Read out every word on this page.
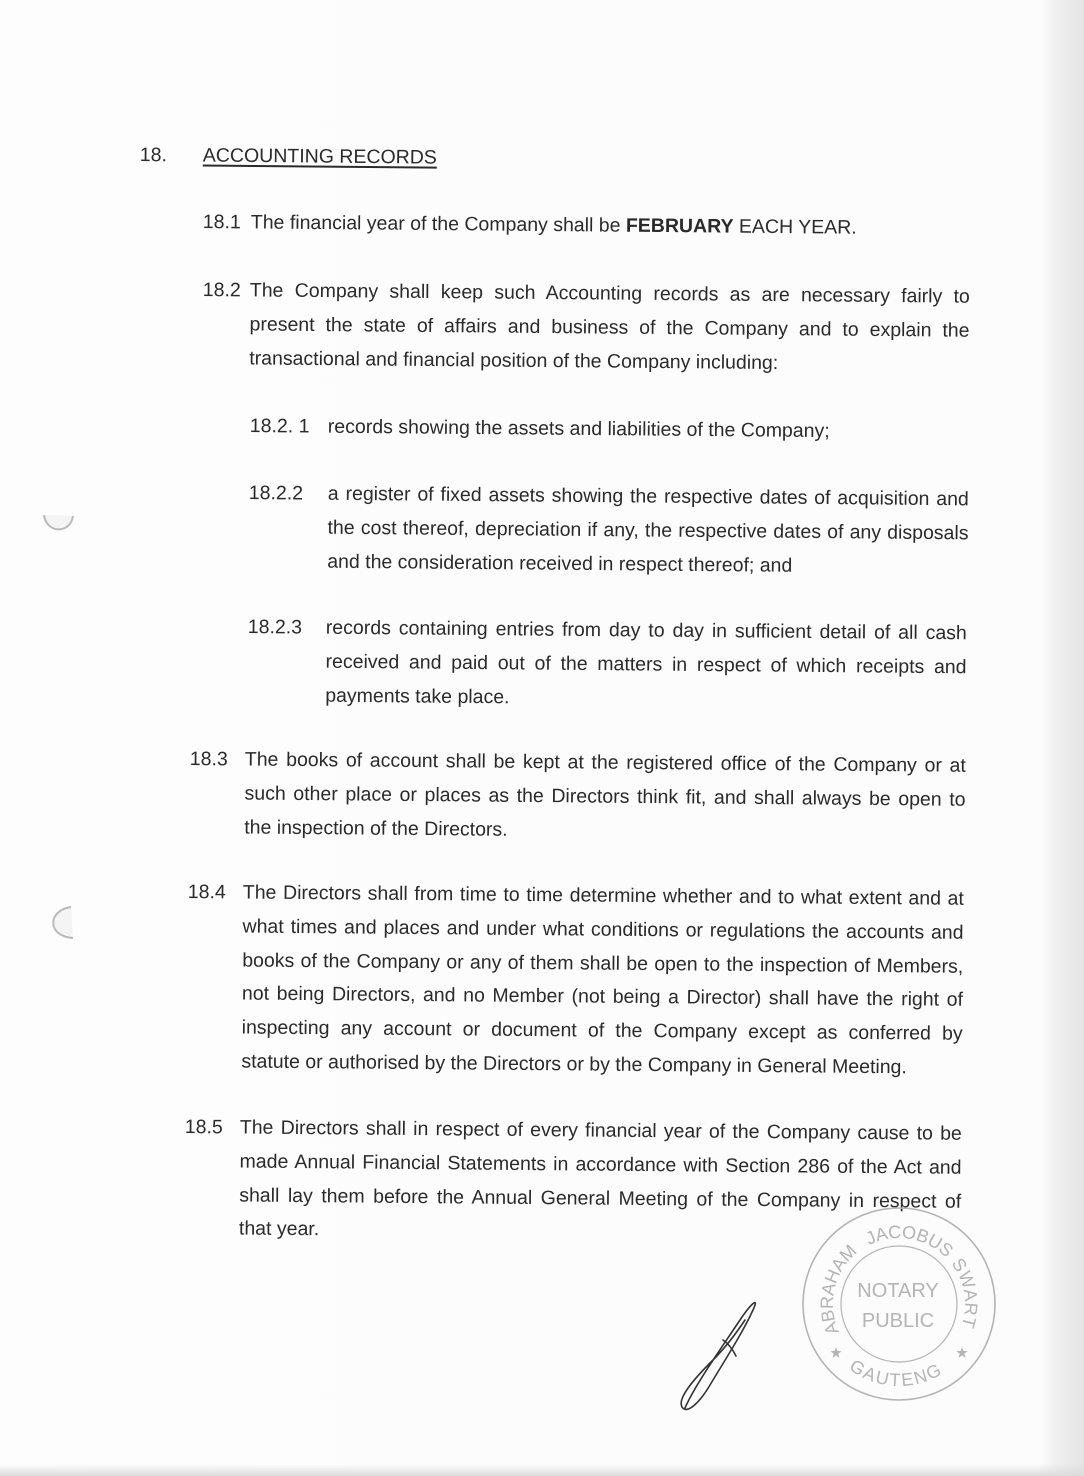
18. ACCOUNTING RECORDS
18.1 The financial year of the Company shall be FEBRUARY EACH YEAR.
18.2 The Company shall keep such Accounting records as are necessary fairly to
present the state of affairs and business of the Company and to explain the
transactional and financial position of the Company including:
18.2. 1 records showing the assets and liabilities of the Company;
18.2.2 a register of fixed assets showing the respective dates of acquisition and
the cost thereof, depreciation if any, the respective dates of any disposals
and the consideration received in respect thereof; and
18.2.3 records containing entries from day to day in sufficient detail of all cash
received and paid out of the matters in respect of which receipts and
payments take place.
18.3 The books of account shall be kept at the registered office of the Company or at
such other place or places as the Directors think fit, and shall always be open to
the inspection of the Directors.
18.4 The Directors shall from time to time determine whether and to what extent and at
what times and places and under what conditions or regulations the accounts and
books of the Company or any of them shall be open to the inspection of Members,
not being Directors, and no Member (not being a Director) shall have the right of
inspecting any account or document of the Company except as conferred by
statute or authorised by the Directors or by the Company in General Meeting.
18.5 The Directors shall in respect of every financial year of the Company cause to be
made Annual Financial Statements in accordance with Section 286 of the Act and
shall lay them before the Annual General Meeting of the Company in respect of
that year.
ABRAHAM
JACOBUS
SWART
GAUTENG
NOTARY
PUBLIC
